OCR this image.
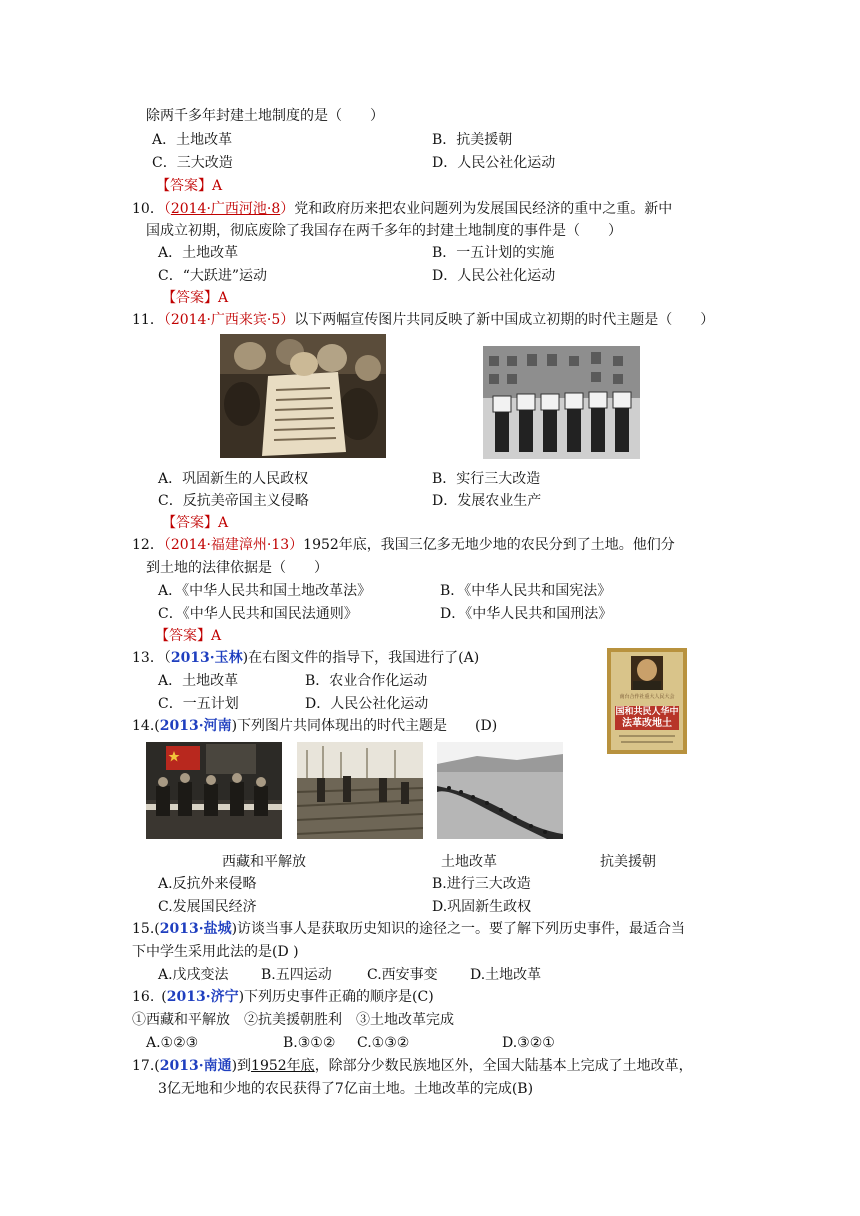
除两千多年封建土地制度的是（　　）
A．土地改革	B．抗美援朝
C．三大改造	D．人民公社化运动
【答案】A
10．（2014·广西河池·8）党和政府历来把农业问题列为发展国民经济的重中之重。新中
国成立初期，彻底废除了我国存在两千多年的封建土地制度的事件是（　　）
A．土地改革	B．一五计划的实施
C．“大跃进”运动	D．人民公社化运动
【答案】A
11．（2014·广西来宾·5）以下两幅宣传图片共同反映了新中国成立初期的时代主题是（　　）
A．巩固新生的人民政权	B．实行三大改造
C．反抗美帝国主义侵略	D．发展农业生产
【答案】A
12．（2014·福建漳州·13）1952年底，我国三亿多无地少地的农民分到了土地。他们分
到土地的法律依据是（　　）
A．《中华人民共和国土地改革法》	B．《中华人民共和国宪法》
C．《中华人民共和国民法通则》	D．《中华人民共和国刑法》
【答案】A
13．（2013·玉林)在右图文件的指导下，我国进行了(A)
A．土地改革	B．农业合作化运动
C．一五计划	D．人民公社化运动	南台合作社重大人民大会
国和共民人华中
法革改地土
14.(2013·河南)下列图片共同体现出的时代主题是　　(D)
西藏和平解放	土地改革	抗美援朝
A.反抗外来侵略	B.进行三大改造
C.发展国民经济	D.巩固新生政权
15.(2013·盐城)访谈当事人是获取历史知识的途径之一。要了解下列历史事件，最适合当
下中学生采用此法的是(D )
A.戊戌变法 B.五四运动	C.西安事变 D.土地改革
16.  (2013·济宁)下列历史事件正确的顺序是(C)
①西藏和平解放　②抗美援朝胜利　③土地改革完成
A.①②③	B.③①② C.①③②	D.③②①
17.(2013·南通)到1952年底，除部分少数民族地区外，全国大陆基本上完成了土地改革，
3亿无地和少地的农民获得了7亿亩土地。土地改革的完成(B)
